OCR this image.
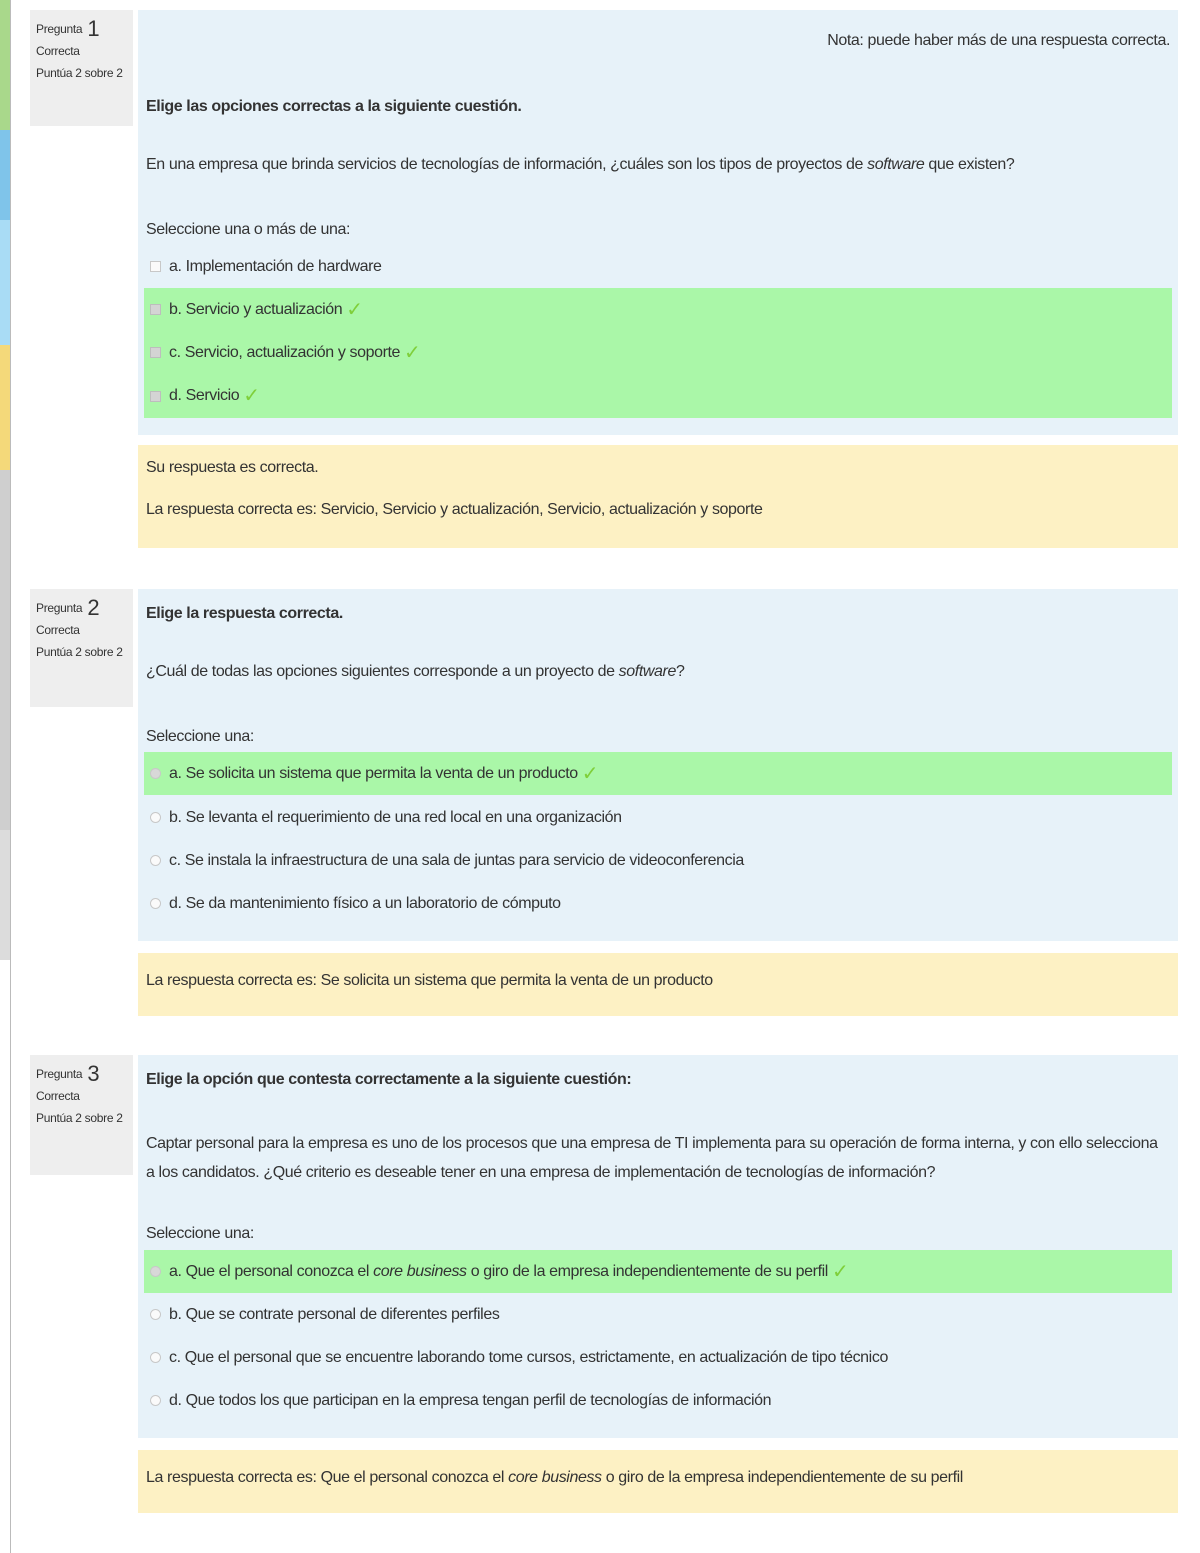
Pregunta 1
Correcta
Puntúa 2 sobre 2
Nota: puede haber más de una respuesta correcta.
Elige las opciones correctas a la siguiente cuestión.
En una empresa que brinda servicios de tecnologías de información, ¿cuáles son los tipos de proyectos de software que existen?
Seleccione una o más de una:
a. Implementación de hardware
b. Servicio y actualización ✓
c. Servicio, actualización y soporte ✓
d. Servicio ✓
Su respuesta es correcta.
La respuesta correcta es: Servicio, Servicio y actualización, Servicio, actualización y soporte
Pregunta 2
Correcta
Puntúa 2 sobre 2
Elige la respuesta correcta.
¿Cuál de todas las opciones siguientes corresponde a un proyecto de software?
Seleccione una:
a. Se solicita un sistema que permita la venta de un producto ✓
b. Se levanta el requerimiento de una red local en una organización
c. Se instala la infraestructura de una sala de juntas para servicio de videoconferencia
d. Se da mantenimiento físico a un laboratorio de cómputo
La respuesta correcta es: Se solicita un sistema que permita la venta de un producto
Pregunta 3
Correcta
Puntúa 2 sobre 2
Elige la opción que contesta correctamente a la siguiente cuestión:
Captar personal para la empresa es uno de los procesos que una empresa de TI implementa para su operación de forma interna, y con ello selecciona a los candidatos. ¿Qué criterio es deseable tener en una empresa de implementación de tecnologías de información?
Seleccione una:
a. Que el personal conozca el core business o giro de la empresa independientemente de su perfil ✓
b. Que se contrate personal de diferentes perfiles
c. Que el personal que se encuentre laborando tome cursos, estrictamente, en actualización de tipo técnico
d. Que todos los que participan en la empresa tengan perfil de tecnologías de información
La respuesta correcta es: Que el personal conozca el core business o giro de la empresa independientemente de su perfil
